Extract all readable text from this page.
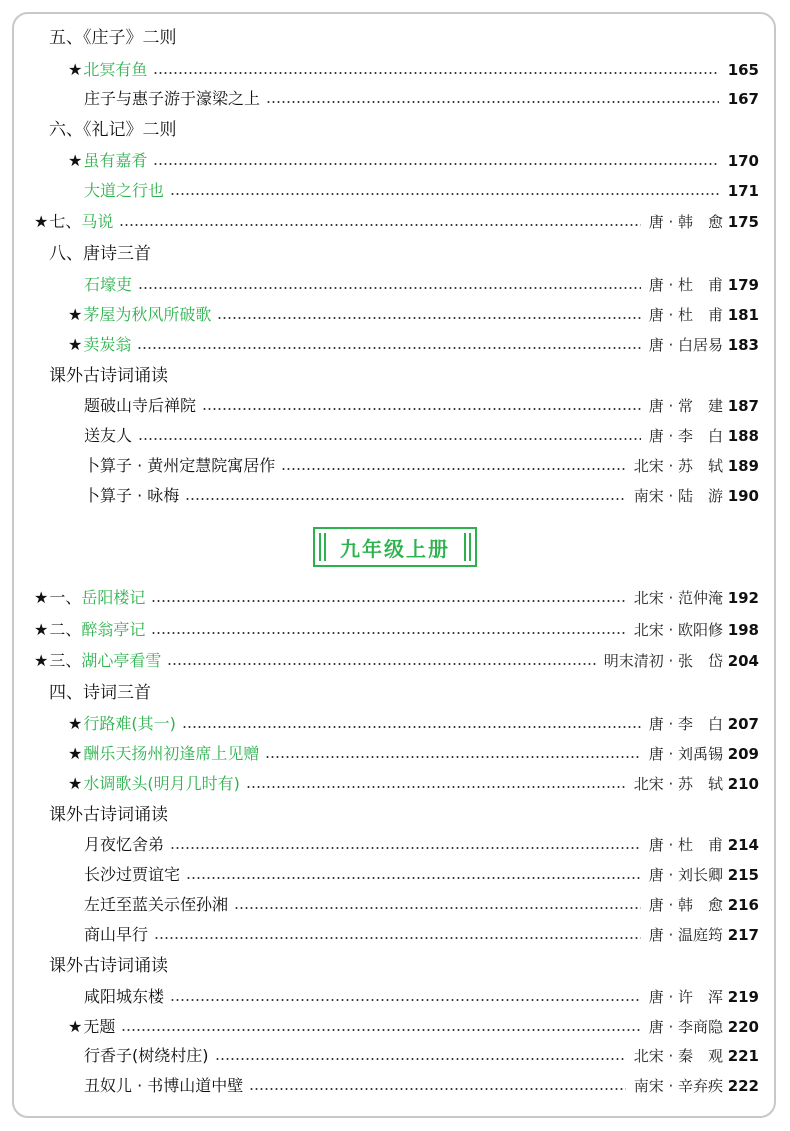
五、《庄子》二则
★ 北冥有鱼	165
庄子与惠子游于濠梁之上	167
六、《礼记》二则
★ 虽有嘉肴	170
大道之行也	171
★ 七、马说	唐 · 韩　愈 175
八、唐诗三首
石壕吏	唐 · 杜　甫 179
★ 茅屋为秋风所破歌	唐 · 杜　甫 181
★ 卖炭翁	唐 · 白居易 183
课外古诗词诵读
题破山寺后禅院	唐 · 常　建 187
送友人	唐 · 李　白 188
卜算子 · 黄州定慧院寓居作	北宋 · 苏　轼 189
卜算子 · 咏梅	南宋 · 陆　游 190
九年级上册
★ 一、岳阳楼记	北宋 · 范仲淹 192
★ 二、醉翁亭记	北宋 · 欧阳修 198
★ 三、湖心亭看雪	明末清初 · 张　岱 204
四、诗词三首
★ 行路难(其一)	唐 · 李　白 207
★ 酬乐天扬州初逢席上见赠	唐 · 刘禹锡 209
★ 水调歌头(明月几时有)	北宋 · 苏　轼 210
课外古诗词诵读
月夜忆舍弟	唐 · 杜　甫 214
长沙过贾谊宅	唐 · 刘长卿 215
左迁至蓝关示侄孙湘	唐 · 韩　愈 216
商山早行	唐 · 温庭筠 217
课外古诗词诵读
咸阳城东楼	唐 · 许　浑 219
★ 无题	唐 · 李商隐 220
行香子(树绕村庄)	北宋 · 秦　观 221
丑奴儿 · 书博山道中壁	南宋 · 辛弃疾 222
